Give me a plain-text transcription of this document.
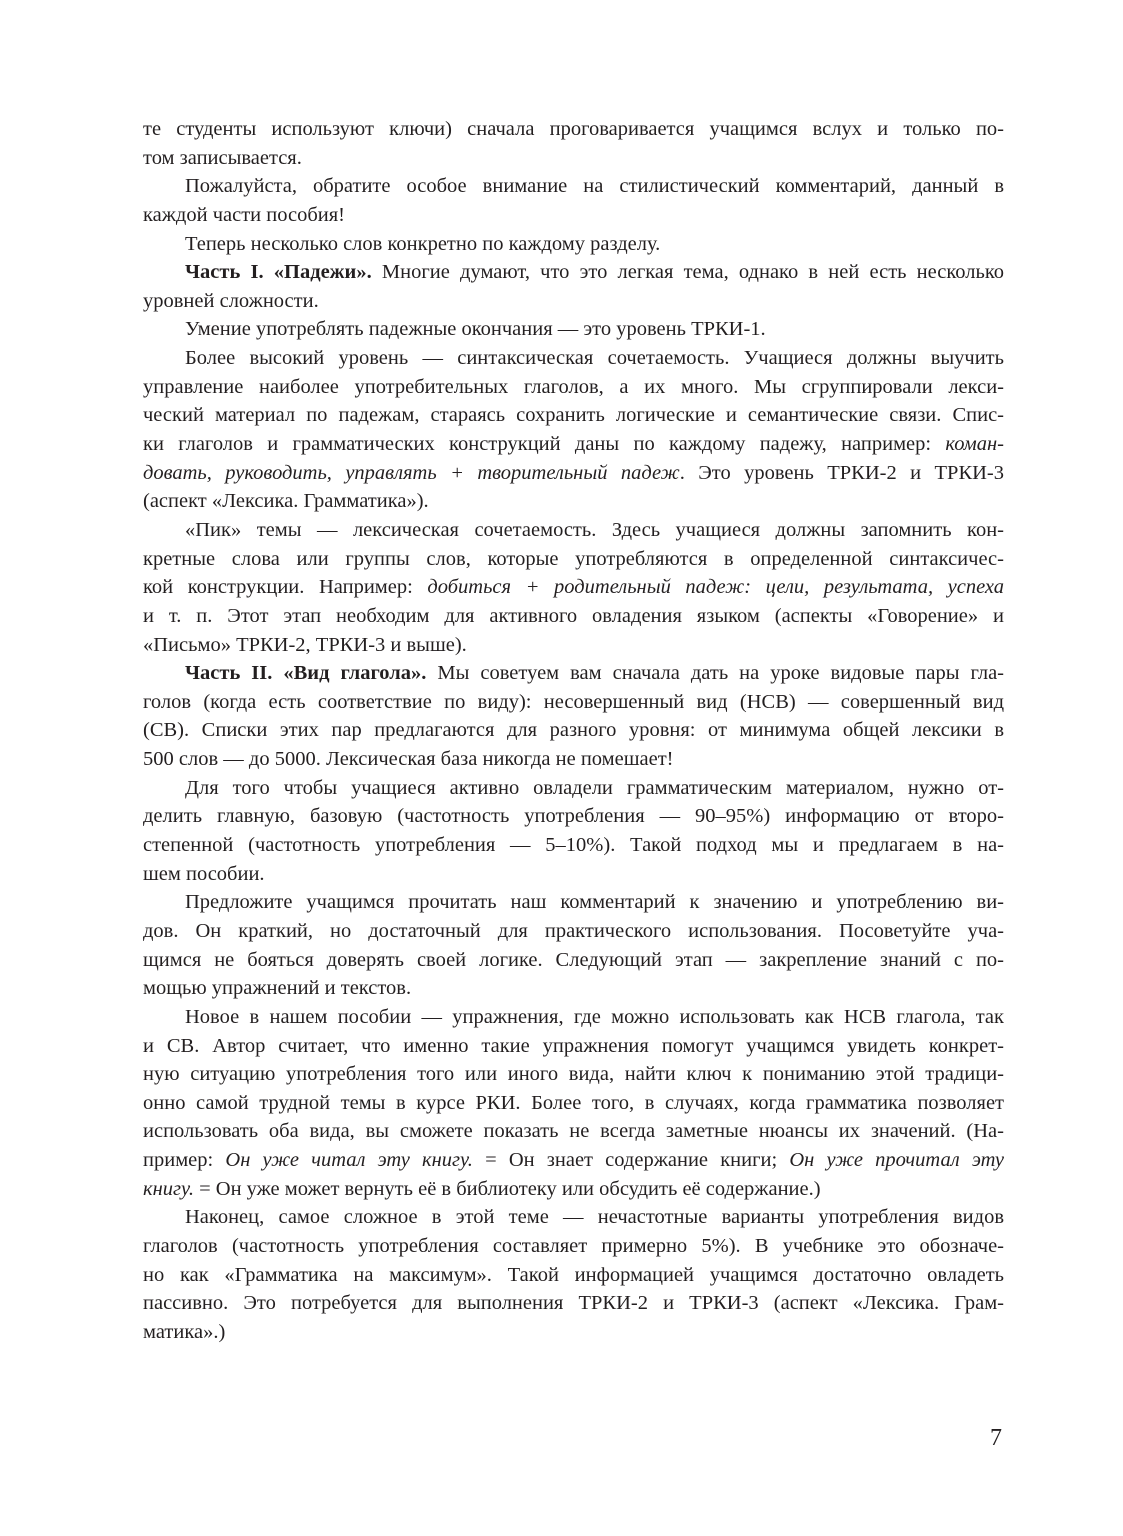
те студенты используют ключи) сначала проговаривается учащимся вслух и только по-
том записывается.
Пожалуйста, обратите особое внимание на стилистический комментарий, данный в
каждой части пособия!
Теперь несколько слов конкретно по каждому разделу.
Часть I. «Падежи». Многие думают, что это легкая тема, однако в ней есть несколько
уровней сложности.
Умение употреблять падежные окончания — это уровень ТРКИ-1.
Более высокий уровень — синтаксическая сочетаемость. Учащиеся должны выучить
управление наиболее употребительных глаголов, а их много. Мы сгруппировали лекси-
ческий материал по падежам, стараясь сохранить логические и семантические связи. Спис-
ки глаголов и грамматических конструкций даны по каждому падежу, например: коман-
довать, руководить, управлять + творительный падеж. Это уровень ТРКИ-2 и ТРКИ-3
(аспект «Лексика. Грамматика»).
«Пик» темы — лексическая сочетаемость. Здесь учащиеся должны запомнить кон-
кретные слова или группы слов, которые употребляются в определенной синтаксичес-
кой конструкции. Например: добиться + родительный падеж: цели, результата, успеха
и т. п. Этот этап необходим для активного овладения языком (аспекты «Говорение» и
«Письмо» ТРКИ-2, ТРКИ-3 и выше).
Часть II. «Вид глагола». Мы советуем вам сначала дать на уроке видовые пары гла-
голов (когда есть соответствие по виду): несовершенный вид (НСВ) — совершенный вид
(СВ). Списки этих пар предлагаются для разного уровня: от минимума общей лексики в
500 слов — до 5000. Лексическая база никогда не помешает!
Для того чтобы учащиеся активно овладели грамматическим материалом, нужно от-
делить главную, базовую (частотность употребления — 90–95%) информацию от второ-
степенной (частотность употребления — 5–10%). Такой подход мы и предлагаем в на-
шем пособии.
Предложите учащимся прочитать наш комментарий к значению и употреблению ви-
дов. Он краткий, но достаточный для практического использования. Посоветуйте уча-
щимся не бояться доверять своей логике. Следующий этап — закрепление знаний с по-
мощью упражнений и текстов.
Новое в нашем пособии — упражнения, где можно использовать как НСВ глагола, так
и СВ. Автор считает, что именно такие упражнения помогут учащимся увидеть конкрет-
ную ситуацию употребления того или иного вида, найти ключ к пониманию этой традици-
онно самой трудной темы в курсе РКИ. Более того, в случаях, когда грамматика позволяет
использовать оба вида, вы сможете показать не всегда заметные нюансы их значений. (На-
пример: Он уже читал эту книгу. = Он знает содержание книги; Он уже прочитал эту
книгу. = Он уже может вернуть её в библиотеку или обсудить её содержание.)
Наконец, самое сложное в этой теме — нечастотные варианты употребления видов
глаголов (частотность употребления составляет примерно 5%). В учебнике это обозначе-
но как «Грамматика на максимум». Такой информацией учащимся достаточно овладеть
пассивно. Это потребуется для выполнения ТРКИ-2 и ТРКИ-3 (аспект «Лексика. Грам-
матика».)
7
